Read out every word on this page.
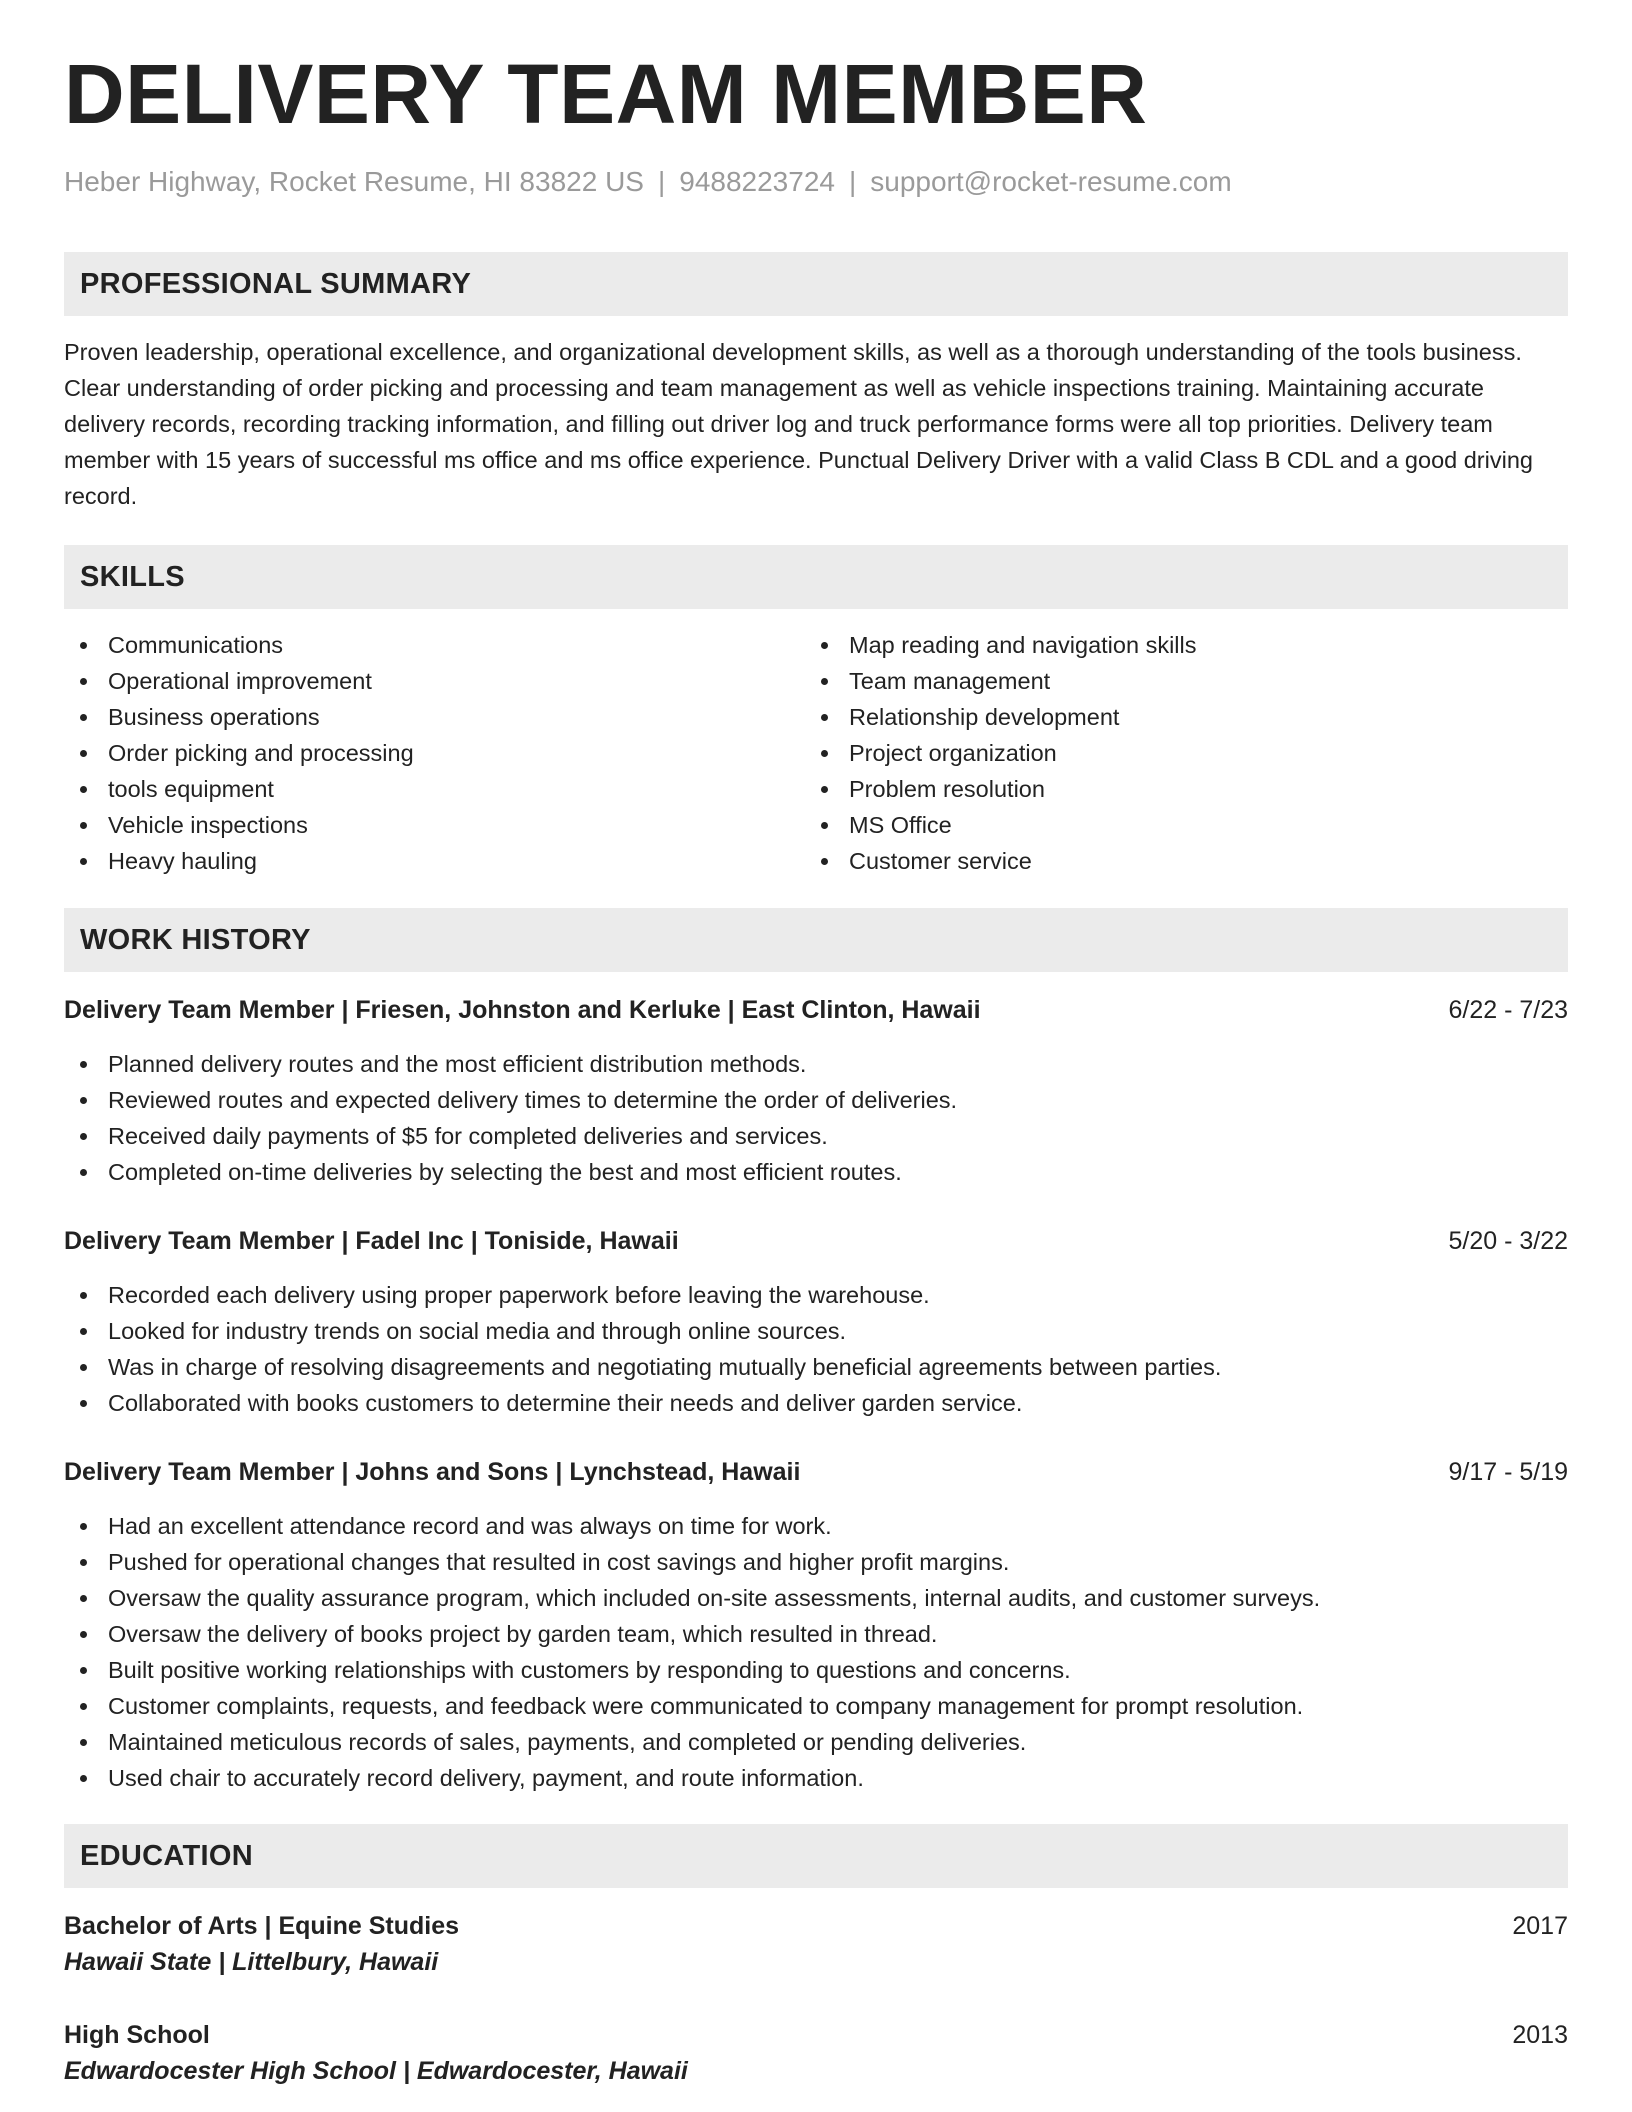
DELIVERY TEAM MEMBER
Heber Highway, Rocket Resume, HI 83822 US | 9488223724 | support@rocket-resume.com
PROFESSIONAL SUMMARY

Proven leadership, operational excellence, and organizational development skills, as well as a thorough understanding of the tools business. Clear understanding of order picking and processing and team management as well as vehicle inspections training. Maintaining accurate delivery records, recording tracking information, and filling out driver log and truck performance forms were all top priorities. Delivery team member with 15 years of successful ms office and ms office experience. Punctual Delivery Driver with a valid Class B CDL and a good driving record.

SKILLS
Communications
Operational improvement
Business operations
Order picking and processing
tools equipment
Vehicle inspections
Heavy hauling
Map reading and navigation skills
Team management
Relationship development
Project organization
Problem resolution
MS Office
Customer service
WORK HISTORY
Delivery Team Member | Friesen, Johnston and Kerluke | East Clinton, Hawaii	6/22 - 7/23
Planned delivery routes and the most efficient distribution methods.
Reviewed routes and expected delivery times to determine the order of deliveries.
Received daily payments of $5 for completed deliveries and services.
Completed on-time deliveries by selecting the best and most efficient routes.
Delivery Team Member | Fadel Inc | Toniside, Hawaii	5/20 - 3/22
Recorded each delivery using proper paperwork before leaving the warehouse.
Looked for industry trends on social media and through online sources.
Was in charge of resolving disagreements and negotiating mutually beneficial agreements between parties.
Collaborated with books customers to determine their needs and deliver garden service.
Delivery Team Member | Johns and Sons | Lynchstead, Hawaii	9/17 - 5/19
Had an excellent attendance record and was always on time for work.
Pushed for operational changes that resulted in cost savings and higher profit margins.
Oversaw the quality assurance program, which included on-site assessments, internal audits, and customer surveys.
Oversaw the delivery of books project by garden team, which resulted in thread.
Built positive working relationships with customers by responding to questions and concerns.
Customer complaints, requests, and feedback were communicated to company management for prompt resolution.
Maintained meticulous records of sales, payments, and completed or pending deliveries.
Used chair to accurately record delivery, payment, and route information.
EDUCATION
Bachelor of Arts | Equine Studies	2017
Hawaii State | Littelbury, Hawaii
High School	2013
Edwardocester High School | Edwardocester, Hawaii
